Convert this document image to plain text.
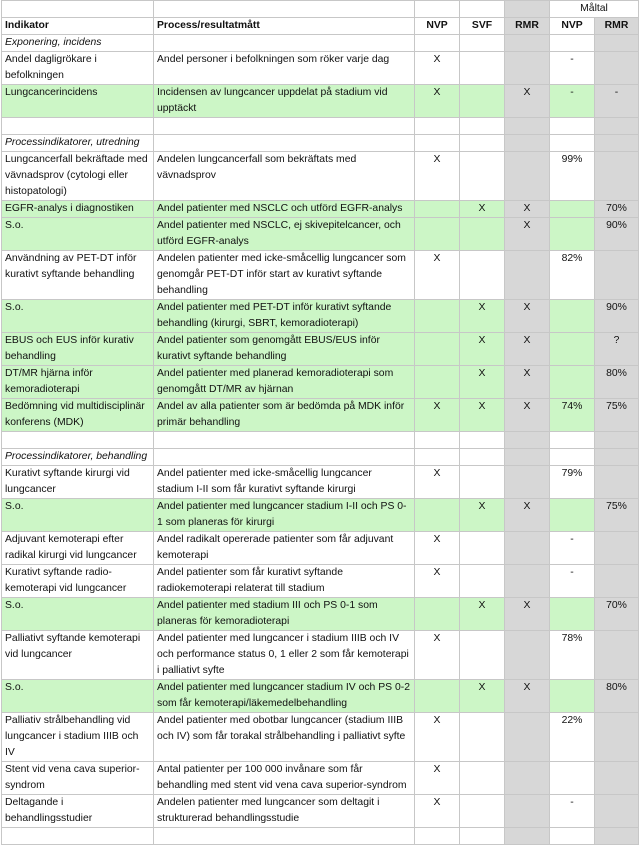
					Måltal	
Indikator	Process/resultatmått	NVP	SVF	RMR	NVP	RMR
Exponering, incidens						
Andel dagligrökare i befolkningen	Andel personer i befolkningen som röker varje dag	X			-	
Lungcancerincidens	Incidensen av lungcancer uppdelat på stadium vid upptäckt	X		X	-	-

Processindikatorer, utredning						
Lungcancerfall bekräftade med vävnadsprov (cytologi eller histopatologi)	Andelen lungcancerfall som bekräftats med vävnadsprov	X			99%	
EGFR-analys i diagnostiken	Andel patienter med NSCLC och utförd EGFR-analys		X	X		70%
S.o.	Andel patienter med NSCLC, ej skivepitelcancer, och utförd EGFR-analys			X		90%
Användning av PET-DT inför kurativt syftande behandling	Andelen patienter med icke-småcellig lungcancer som genomgår PET-DT inför start av kurativt syftande behandling	X			82%	
S.o.	Andel patienter med PET-DT inför kurativt syftande behandling (kirurgi, SBRT, kemoradioterapi)		X	X		90%
EBUS och EUS inför kurativ behandling	Andel patienter som genomgått EBUS/EUS inför kurativt syftande behandling		X	X		?
DT/MR hjärna inför kemoradioterapi	Andel patienter med planerad kemoradioterapi som genomgått DT/MR av hjärnan		X	X		80%
Bedömning vid multidisciplinär konferens (MDK)	Andel av alla patienter som är bedömda på MDK inför primär behandling	X	X	X	74%	75%

Processindikatorer, behandling						
Kurativt syftande kirurgi vid lungcancer	Andel patienter med icke-småcellig lungcancer stadium I-II som får kurativt syftande kirurgi	X			79%	
S.o.	Andel patienter med lungcancer stadium I-II och PS 0-1 som planeras för kirurgi		X	X		75%
Adjuvant kemoterapi efter radikal kirurgi vid lungcancer	Andel radikalt opererade patienter som får adjuvant kemoterapi	X			-	
Kurativt syftande radio-kemoterapi vid lungcancer	Andel patienter som får kurativt syftande radiokemoterapi relaterat till stadium	X			-	
S.o.	Andel patienter med stadium III och PS 0-1 som planeras för kemoradioterapi		X	X		70%
Palliativt syftande kemoterapi vid lungcancer	Andel patienter med lungcancer i stadium IIIB och IV och performance status 0, 1 eller 2 som får kemoterapi i palliativt syfte	X			78%	
S.o.	Andel patienter med lungcancer stadium IV och PS 0-2 som får kemoterapi/läkemedelbehandling		X	X		80%
Palliativ strålbehandling vid lungcancer i stadium IIIB och IV	Andel patienter med obotbar lungcancer (stadium IIIB och IV) som får torakal strålbehandling i palliativt syfte	X			22%	
Stent vid vena cava superior-syndrom	Antal patienter per 100 000 invånare som får behandling med stent vid vena cava superior-syndrom	X				
Deltagande i behandlingsstudier	Andelen patienter med lungcancer som deltagit i strukturerad behandlingsstudie	X			-	
